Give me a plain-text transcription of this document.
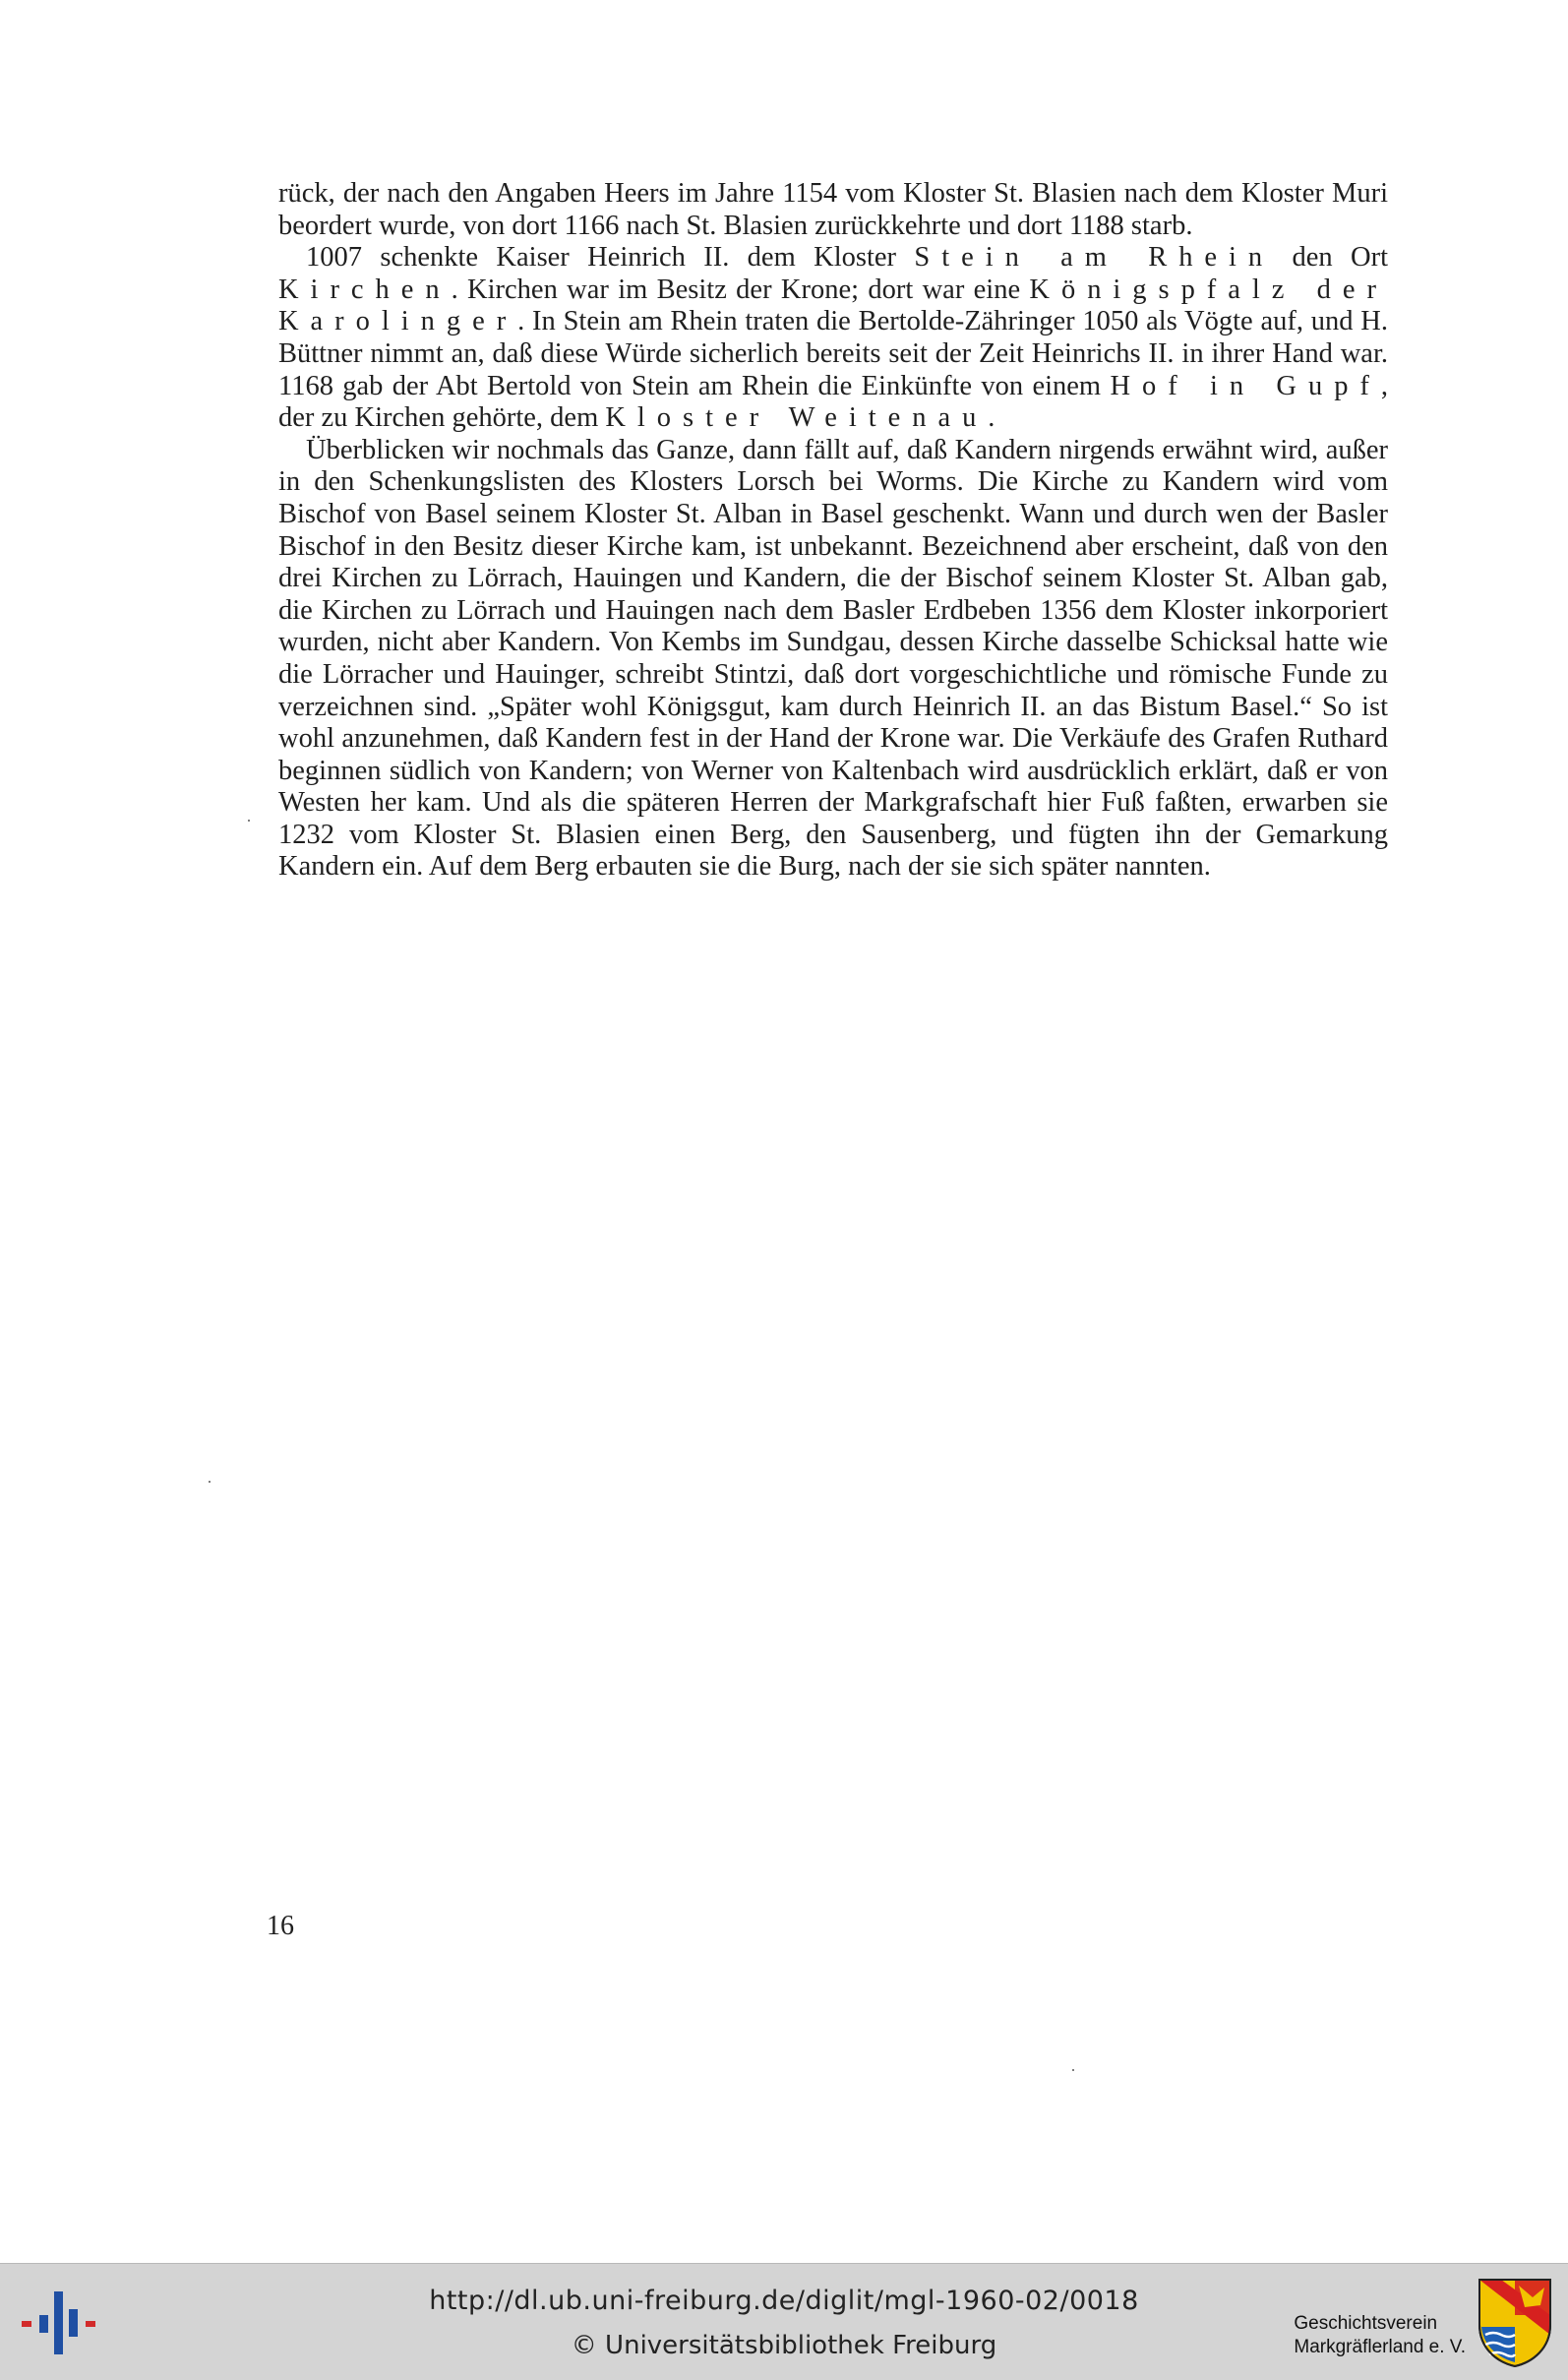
rück, der nach den Angaben Heers im Jahre 1154 vom Kloster St. Blasien nach dem Kloster Muri beordert wurde, von dort 1166 nach St. Blasien zurückkehrte und dort 1188 starb.

1007 schenkte Kaiser Heinrich II. dem Kloster Stein am Rhein den Ort Kirchen. Kirchen war im Besitz der Krone; dort war eine Königspfalz der Karolinger. In Stein am Rhein traten die Bertolde-Zähringer 1050 als Vögte auf, und H. Büttner nimmt an, daß diese Würde sicherlich bereits seit der Zeit Heinrichs II. in ihrer Hand war. 1168 gab der Abt Bertold von Stein am Rhein die Einkünfte von einem Hof in Gupf, der zu Kirchen gehörte, dem Kloster Weitenau.

Überblicken wir nochmals das Ganze, dann fällt auf, daß Kandern nirgends erwähnt wird, außer in den Schenkungslisten des Klosters Lorsch bei Worms. Die Kirche zu Kandern wird vom Bischof von Basel seinem Kloster St. Alban in Basel geschenkt. Wann und durch wen der Basler Bischof in den Besitz dieser Kirche kam, ist unbekannt. Bezeichnend aber erscheint, daß von den drei Kirchen zu Lörrach, Hauingen und Kandern, die der Bischof seinem Kloster St. Alban gab, die Kirchen zu Lörrach und Hauingen nach dem Basler Erdbeben 1356 dem Kloster inkorporiert wurden, nicht aber Kandern. Von Kembs im Sundgau, dessen Kirche dasselbe Schicksal hatte wie die Lörracher und Hauinger, schreibt Stintzi, daß dort vorgeschichtliche und römische Funde zu verzeichnen sind. „Später wohl Königsgut, kam durch Heinrich II. an das Bistum Basel.“ So ist wohl anzunehmen, daß Kandern fest in der Hand der Krone war. Die Verkäufe des Grafen Ruthard beginnen südlich von Kandern; von Werner von Kaltenbach wird ausdrücklich erklärt, daß er von Westen her kam. Und als die späteren Herren der Markgrafschaft hier Fuß faßten, erwarben sie 1232 vom Kloster St. Blasien einen Berg, den Sausenberg, und fügten ihn der Gemarkung Kandern ein. Auf dem Berg erbauten sie die Burg, nach der sie sich später nannten.

16
http://dl.ub.uni-freiburg.de/diglit/mgl-1960-02/0018
© Universitätsbibliothek Freiburg
Geschichtsverein
Markgräflerland e. V.
